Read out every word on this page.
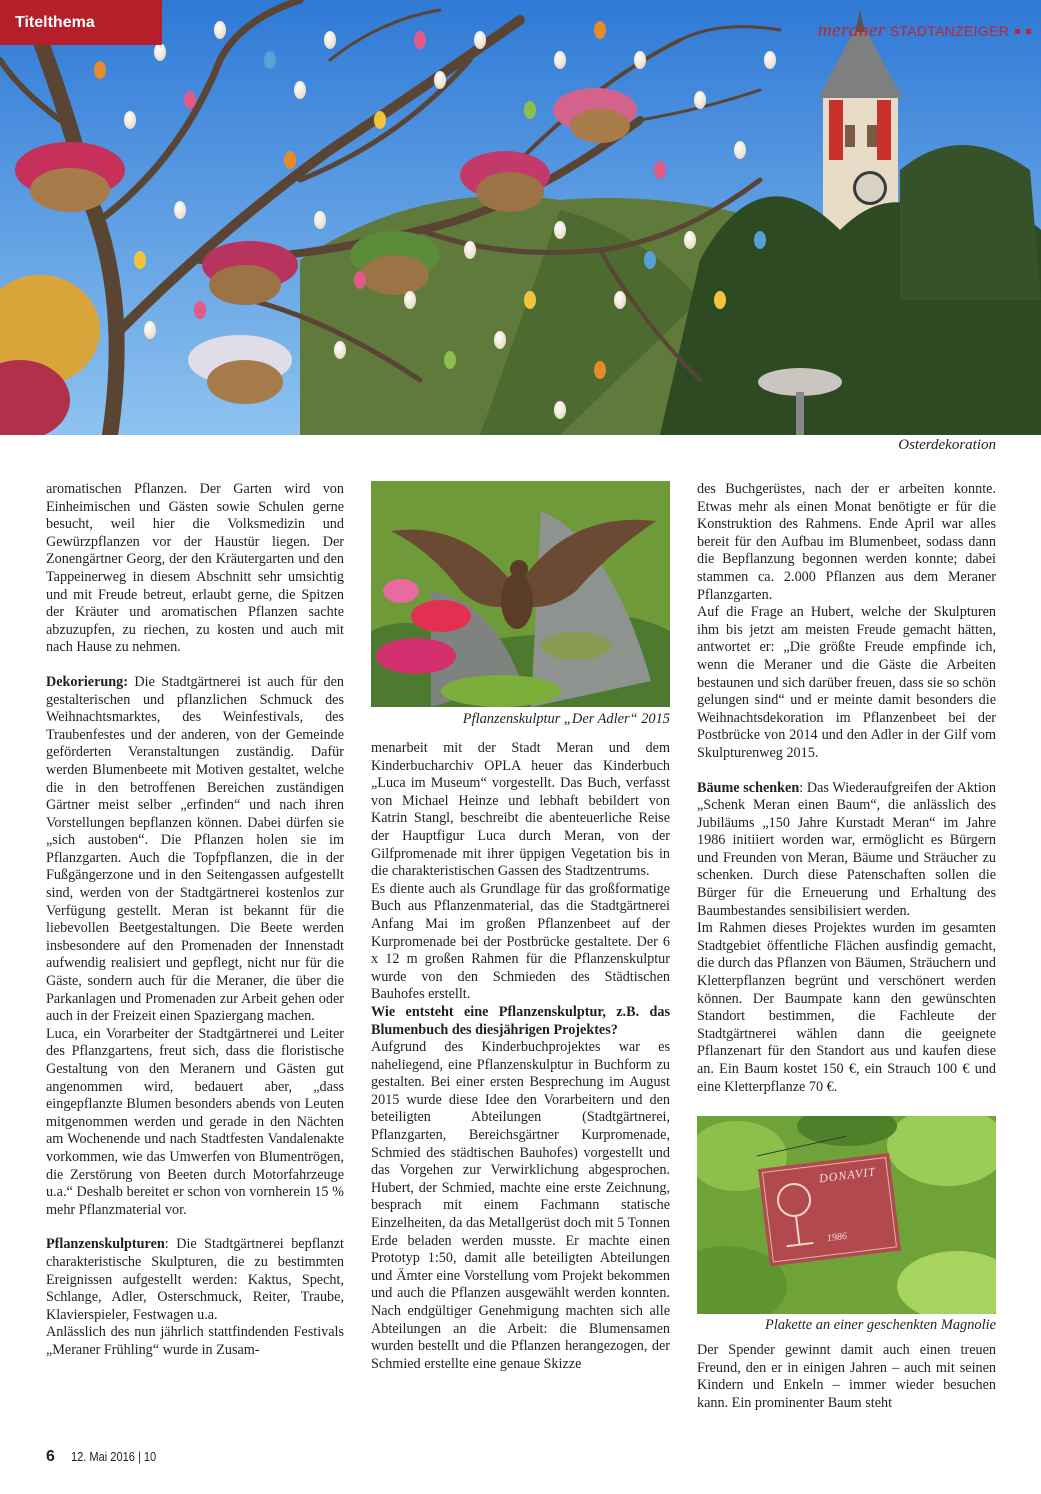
Titelthema	meraner STADTANZEIGER
Osterdekoration

aromatischen Pflanzen. Der Garten wird von Einheimischen und Gästen sowie Schulen gerne besucht, weil hier die Volksmedizin und Gewürzpflanzen vor der Haustür liegen. Der Zonengärtner Georg, der den Kräutergarten und den Tappeinerweg in diesem Abschnitt sehr umsichtig und mit Freude betreut, erlaubt gerne, die Spitzen der Kräuter und aromatischen Pflanzen sachte abzuzupfen, zu riechen, zu kosten und auch mit nach Hause zu nehmen.

Dekorierung: Die Stadtgärtnerei ist auch für den gestalterischen und pflanzlichen Schmuck des Weihnachtsmarktes, des Weinfestivals, des Traubenfestes und der anderen, von der Gemeinde geförderten Veranstaltungen zuständig. Dafür werden Blumenbeete mit Motiven gestaltet, welche die in den betroffenen Bereichen zuständigen Gärtner meist selber „erfinden“ und nach ihren Vorstellungen bepflanzen können. Dabei dürfen sie „sich austoben“. Die Pflanzen holen sie im Pflanzgarten. Auch die Topfpflanzen, die in der Fußgängerzone und in den Seitengassen aufgestellt sind, werden von der Stadtgärtnerei kostenlos zur Verfügung gestellt. Meran ist bekannt für die liebevollen Beetgestaltungen. Die Beete werden insbesondere auf den Promenaden der Innenstadt aufwendig realisiert und gepflegt, nicht nur für die Gäste, sondern auch für die Meraner, die über die Parkanlagen und Promenaden zur Arbeit gehen oder auch in der Freizeit einen Spaziergang machen.

Luca, ein Vorarbeiter der Stadtgärtnerei und Leiter des Pflanzgartens, freut sich, dass die floristische Gestaltung von den Meranern und Gästen gut angenommen wird, bedauert aber, „dass eingepflanzte Blumen besonders abends von Leuten mitgenommen werden und gerade in den Nächten am Wochenende und nach Stadtfesten Vandalenakte vorkommen, wie das Umwerfen von Blumentrögen, die Zerstörung von Beeten durch Motorfahrzeuge u.a.“ Deshalb bereitet er schon von vornherein 15 % mehr Pflanzmaterial vor.

Pflanzenskulpturen: Die Stadtgärtnerei bepflanzt charakteristische Skulpturen, die zu bestimmten Ereignissen aufgestellt werden: Kaktus, Specht, Schlange, Adler, Osterschmuck, Reiter, Traube, Klavierspieler, Festwagen u.a.

Anlässlich des nun jährlich stattfindenden Festivals „Meraner Frühling“ wurde in Zusam-

Pflanzenskulptur „Der Adler“ 2015

menarbeit mit der Stadt Meran und dem Kinderbucharchiv OPLA heuer das Kinderbuch „Luca im Museum“ vorgestellt. Das Buch, verfasst von Michael Heinze und lebhaft bebildert von Katrin Stangl, beschreibt die abenteuerliche Reise der Hauptfigur Luca durch Meran, von der Gilfpromenade mit ihrer üppigen Vegetation bis in die charakteristischen Gassen des Stadtzentrums.

Es diente auch als Grundlage für das großformatige Buch aus Pflanzenmaterial, das die Stadtgärtnerei Anfang Mai im großen Pflanzenbeet auf der Kurpromenade bei der Postbrücke gestaltete. Der 6 x 12 m großen Rahmen für die Pflanzenskulptur wurde von den Schmieden des Städtischen Bauhofes erstellt.

Wie entsteht eine Pflanzenskulptur, z.B. das Blumenbuch des diesjährigen Projektes?

Aufgrund des Kinderbuchprojektes war es naheliegend, eine Pflanzenskulptur in Buchform zu gestalten. Bei einer ersten Besprechung im August 2015 wurde diese Idee den Vorarbeitern und den beteiligten Abteilungen (Stadtgärtnerei, Pflanzgarten, Bereichsgärtner Kurpromenade, Schmied des städtischen Bauhofes) vorgestellt und das Vorgehen zur Verwirklichung abgesprochen. Hubert, der Schmied, machte eine erste Zeichnung, besprach mit einem Fachmann statische Einzelheiten, da das Metallgerüst doch mit 5 Tonnen Erde beladen werden musste. Er machte einen Prototyp 1:50, damit alle beteiligten Abteilungen und Ämter eine Vorstellung vom Projekt bekommen und auch die Pflanzen ausgewählt werden konnten. Nach endgültiger Genehmigung machten sich alle Abteilungen an die Arbeit: die Blumensamen wurden bestellt und die Pflanzen herangezogen, der Schmied erstellte eine genaue Skizze

des Buchgerüstes, nach der er arbeiten konnte. Etwas mehr als einen Monat benötigte er für die Konstruktion des Rahmens. Ende April war alles bereit für den Aufbau im Blumenbeet, sodass dann die Bepflanzung begonnen werden konnte; dabei stammen ca. 2.000 Pflanzen aus dem Meraner Pflanzgarten.

Auf die Frage an Hubert, welche der Skulpturen ihm bis jetzt am meisten Freude gemacht hätten, antwortet er: „Die größte Freude empfinde ich, wenn die Meraner und die Gäste die Arbeiten bestaunen und sich darüber freuen, dass sie so schön gelungen sind“ und er meinte damit besonders die Weihnachtsdekoration im Pflanzenbeet bei der Postbrücke von 2014 und den Adler in der Gilf vom Skulpturenweg 2015.

Bäume schenken: Das Wiederaufgreifen der Aktion „Schenk Meran einen Baum“, die anlässlich des Jubiläums „150 Jahre Kurstadt Meran“ im Jahre 1986 initiiert worden war, ermöglicht es Bürgern und Freunden von Meran, Bäume und Sträucher zu schenken. Durch diese Patenschaften sollen die Bürger für die Erneuerung und Erhaltung des Baumbestandes sensibilisiert werden.

Im Rahmen dieses Projektes wurden im gesamten Stadtgebiet öffentliche Flächen ausfindig gemacht, die durch das Pflanzen von Bäumen, Sträuchern und Kletterpflanzen begrünt und verschönert werden können. Der Baumpate kann den gewünschten Standort bestimmen, die Fachleute der Stadtgärtnerei wählen dann die geeignete Pflanzenart für den Standort aus und kaufen diese an. Ein Baum kostet 150 €, ein Strauch 100 € und eine Kletterpflanze 70 €.

DONAVIT
1986
Plakette an einer geschenkten Magnolie

Der Spender gewinnt damit auch einen treuen Freund, den er in einigen Jahren – auch mit seinen Kindern und Enkeln – immer wieder besuchen kann. Ein prominenter Baum steht

6 12. Mai 2016 | 10
